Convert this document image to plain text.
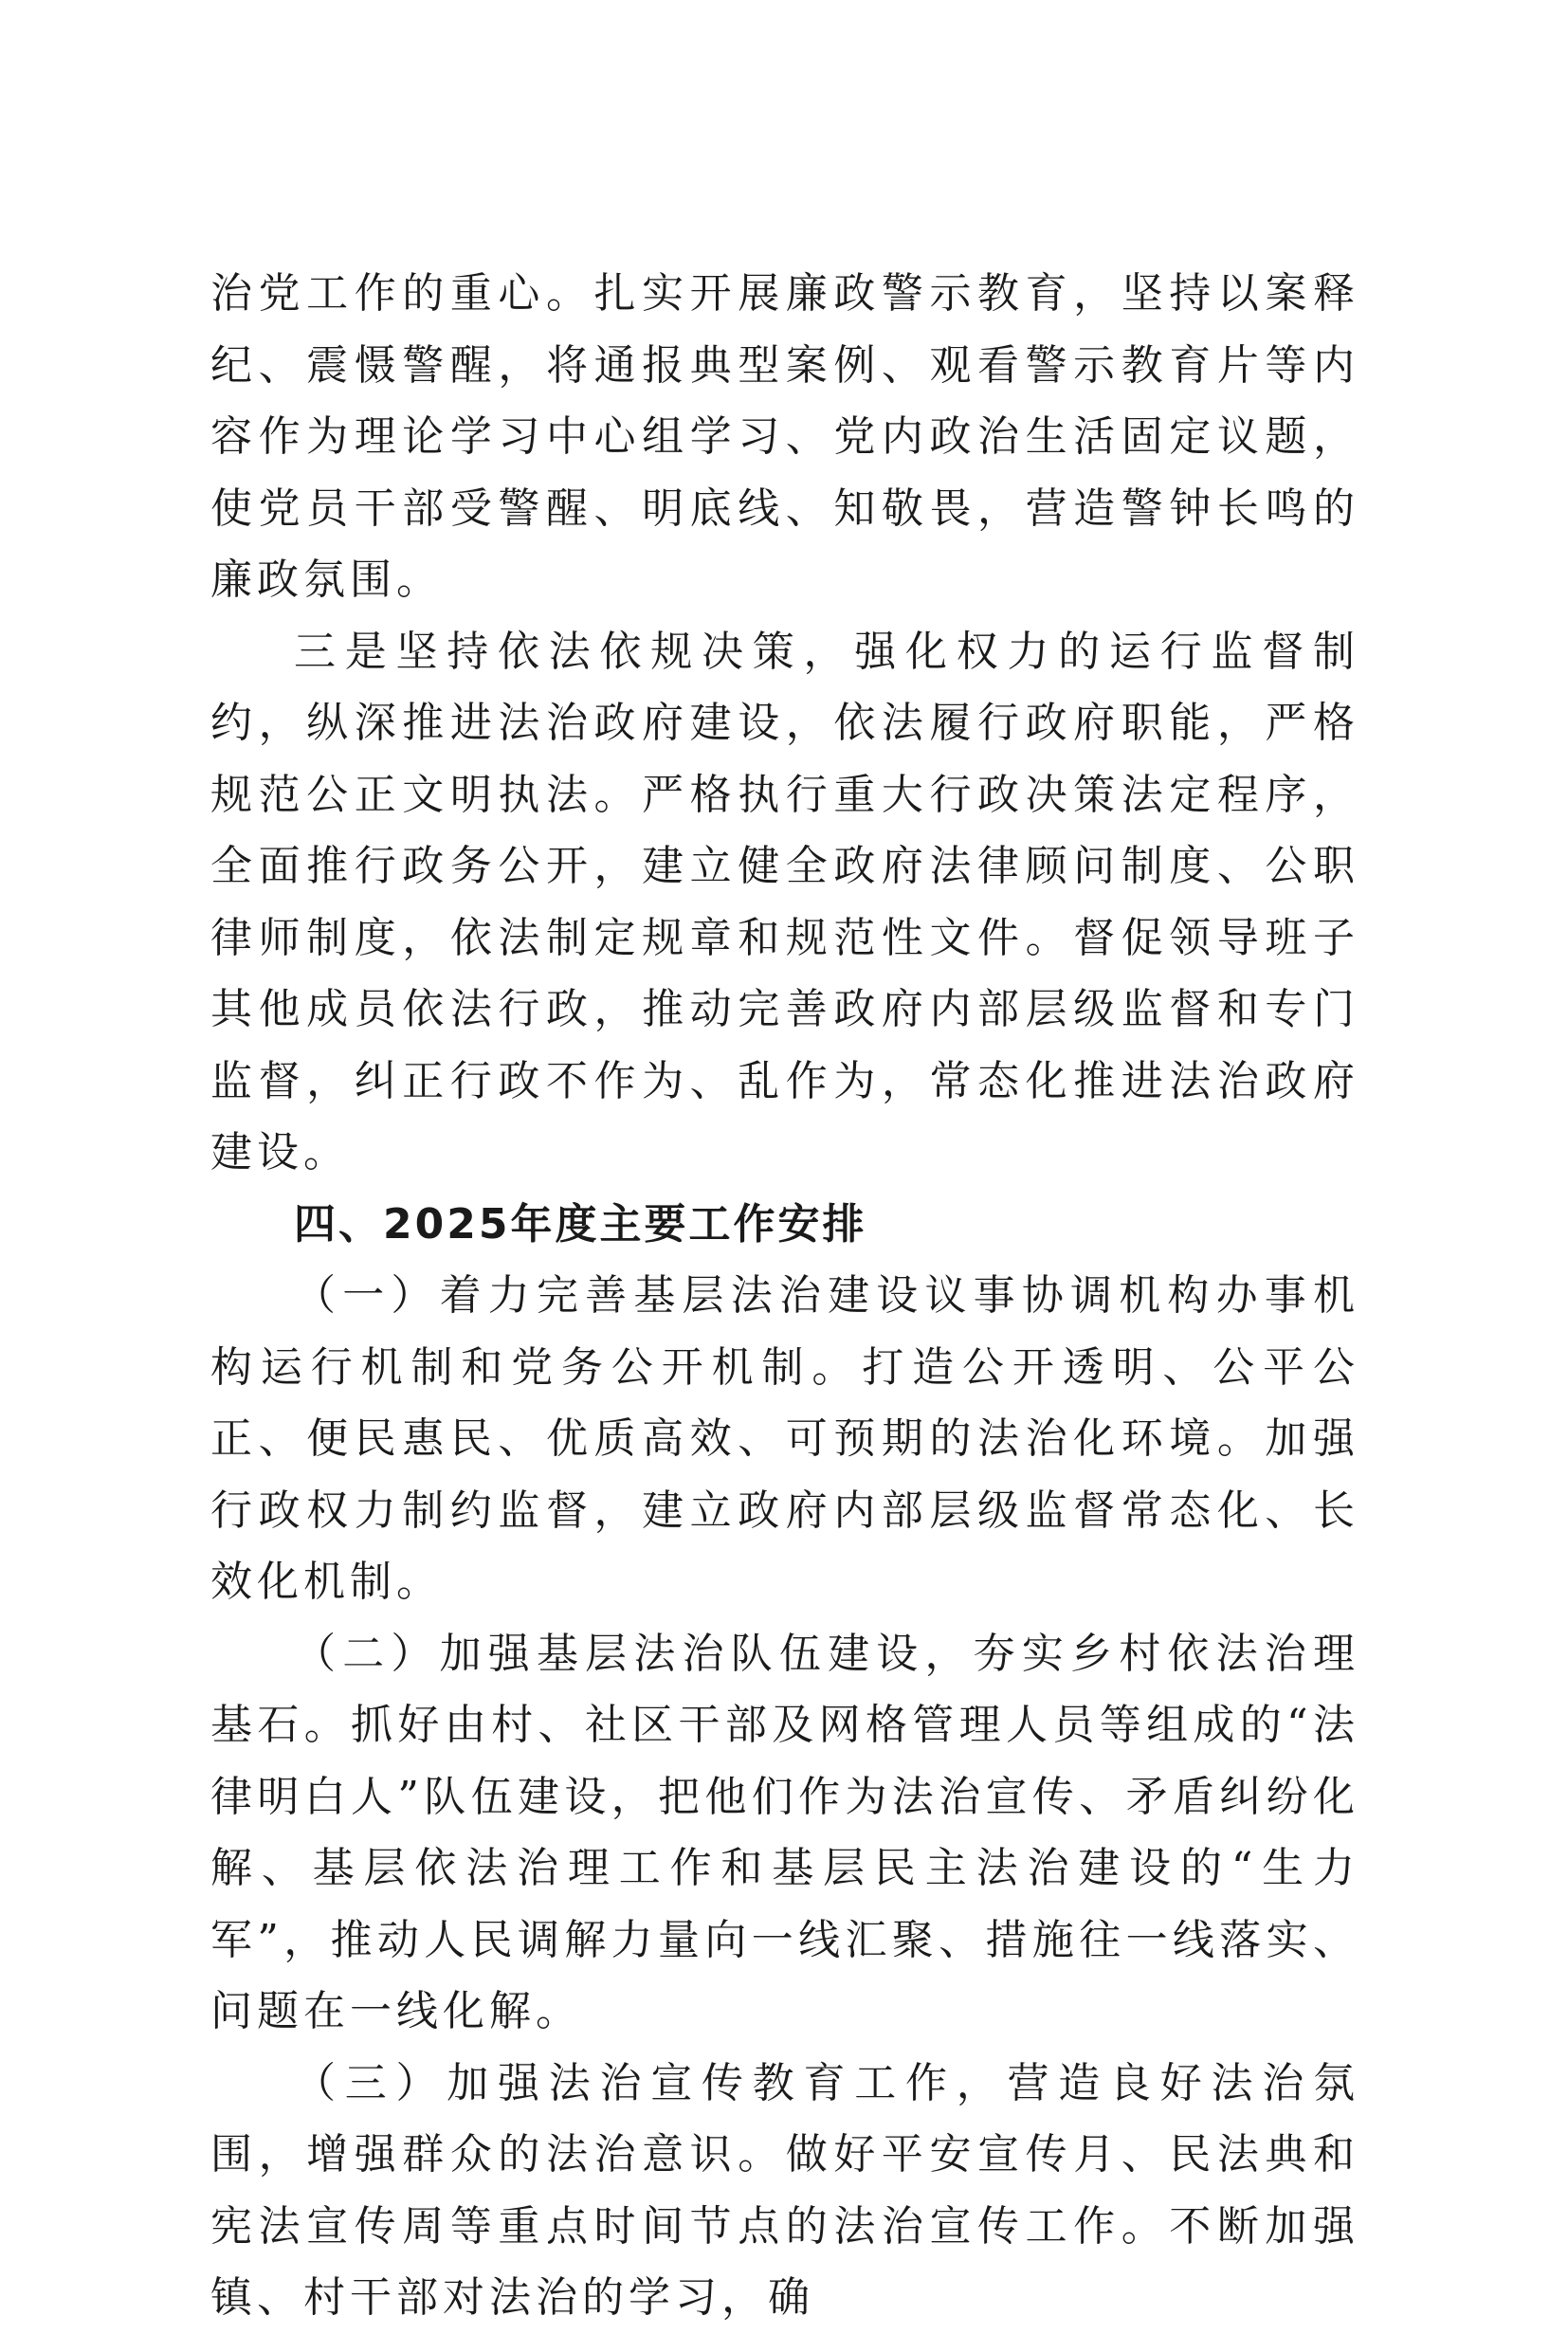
治党工作的重心。扎实开展廉政警示教育，坚持以案释纪、震慑警醒，将通报典型案例、观看警示教育片等内容作为理论学习中心组学习、党内政治生活固定议题，使党员干部受警醒、明底线、知敬畏，营造警钟长鸣的廉政氛围。

三是坚持依法依规决策，强化权力的运行监督制约，纵深推进法治政府建设，依法履行政府职能，严格规范公正文明执法。严格执行重大行政决策法定程序，全面推行政务公开，建立健全政府法律顾问制度、公职律师制度，依法制定规章和规范性文件。督促领导班子其他成员依法行政，推动完善政府内部层级监督和专门监督，纠正行政不作为、乱作为，常态化推进法治政府建设。

四、2025年度主要工作安排

（一）着力完善基层法治建设议事协调机构办事机构运行机制和党务公开机制。打造公开透明、公平公正、便民惠民、优质高效、可预期的法治化环境。加强行政权力制约监督，建立政府内部层级监督常态化、长效化机制。

（二）加强基层法治队伍建设，夯实乡村依法治理基石。抓好由村、社区干部及网格管理人员等组成的“法律明白人”队伍建设，把他们作为法治宣传、矛盾纠纷化解、基层依法治理工作和基层民主法治建设的“生力军”，推动人民调解力量向一线汇聚、措施往一线落实、问题在一线化解。

（三）加强法治宣传教育工作，营造良好法治氛围，增强群众的法治意识。做好平安宣传月、民法典和宪法宣传周等重点时间节点的法治宣传工作。不断加强镇、村干部对法治的学习，确
